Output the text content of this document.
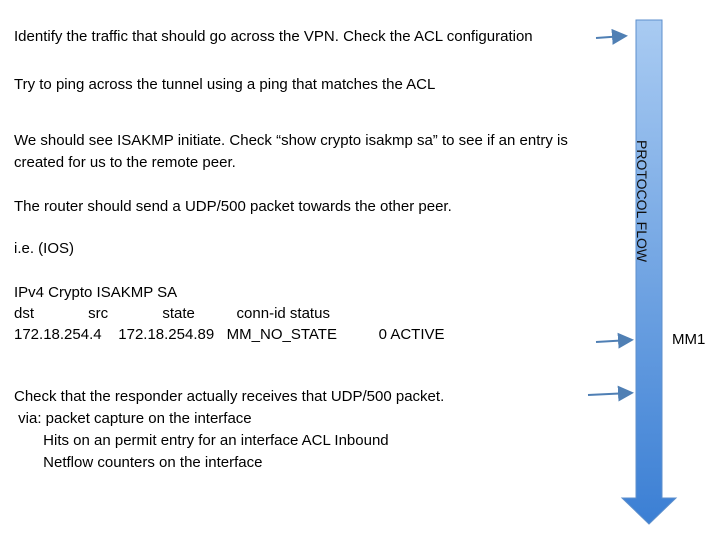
Identify the traffic that should go across the VPN. Check the ACL configuration
Try to ping across the tunnel using a ping that matches the ACL
We should see ISAKMP initiate. Check “show crypto isakmp sa” to see if an entry is created for us to the remote peer.
The router should send a UDP/500 packet towards the other peer.
i.e. (IOS)
IPv4 Crypto ISAKMP SA
dst             src             state          conn-id status
172.18.254.4    172.18.254.89   MM_NO_STATE          0 ACTIVE
Check that the responder actually receives that UDP/500 packet.
via: packet capture on the interface
Hits on an permit entry for an interface ACL Inbound
Netflow counters on the interface
PROTOCOL FLOW
MM1
